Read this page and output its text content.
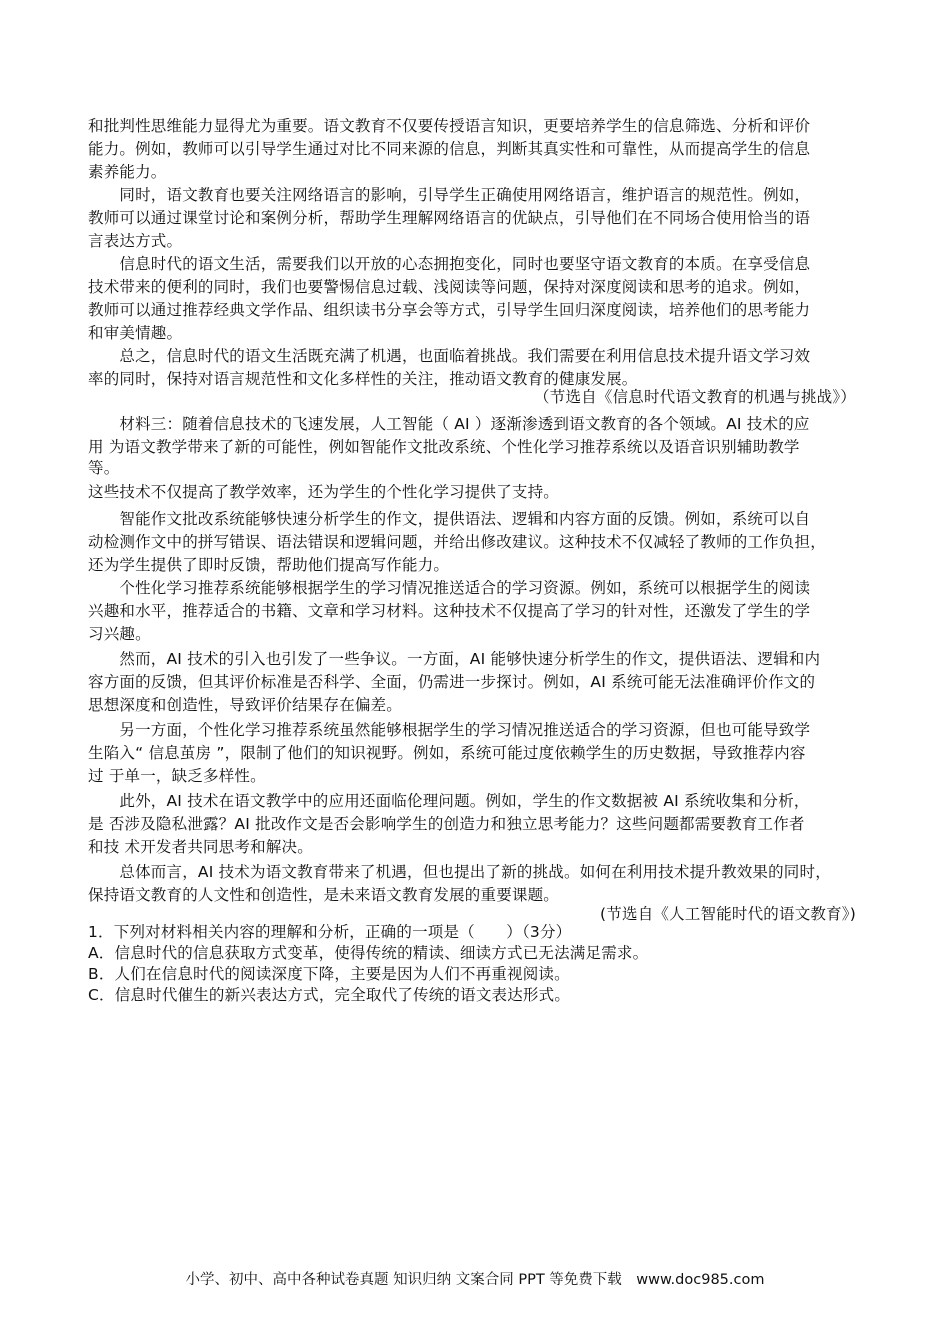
和批判性思维能力显得尤为重要。语文教育不仅要传授语言知识，更要培养学生的信息筛选、分析和评价
能力。例如，教师可以引导学生通过对比不同来源的信息，判断其真实性和可靠性，从而提高学生的信息
素养能力。
　　同时，语文教育也要关注网络语言的影响，引导学生正确使用网络语言，维护语言的规范性。例如，
教师可以通过课堂讨论和案例分析，帮助学生理解网络语言的优缺点，引导他们在不同场合使用恰当的语
言表达方式。
　　信息时代的语文生活，需要我们以开放的心态拥抱变化，同时也要坚守语文教育的本质。在享受信息
技术带来的便利的同时，我们也要警惕信息过载、浅阅读等问题，保持对深度阅读和思考的追求。例如，
教师可以通过推荐经典文学作品、组织读书分享会等方式，引导学生回归深度阅读，培养他们的思考能力
和审美情趣。
　　总之，信息时代的语文生活既充满了机遇，也面临着挑战。我们需要在利用信息技术提升语文学习效
率的同时，保持对语言规范性和文化多样性的关注，推动语文教育的健康发展。
（节选自《信息时代语文教育的机遇与挑战》）
　　材料三：随着信息技术的飞速发展，人工智能（ AI ）逐渐渗透到语文教育的各个领域。AI 技术的应
用 为语文教学带来了新的可能性，例如智能作文批改系统、个性化学习推荐系统以及语音识别辅助教学
等。
这些技术不仅提高了教学效率，还为学生的个性化学习提供了支持。
　　智能作文批改系统能够快速分析学生的作文，提供语法、逻辑和内容方面的反馈。例如，系统可以自
动检测作文中的拼写错误、语法错误和逻辑问题，并给出修改建议。这种技术不仅减轻了教师的工作负担，
还为学生提供了即时反馈，帮助他们提高写作能力。
　　个性化学习推荐系统能够根据学生的学习情况推送适合的学习资源。例如，系统可以根据学生的阅读
兴趣和水平，推荐适合的书籍、文章和学习材料。这种技术不仅提高了学习的针对性，还激发了学生的学
习兴趣。
　　然而，AI 技术的引入也引发了一些争议。一方面，AI 能够快速分析学生的作文，提供语法、逻辑和内
容方面的反馈，但其评价标准是否科学、全面，仍需进一步探讨。例如，AI 系统可能无法准确评价作文的
思想深度和创造性，导致评价结果存在偏差。
　　另一方面，个性化学习推荐系统虽然能够根据学生的学习情况推送适合的学习资源，但也可能导致学
生陷入“ 信息茧房 ”，限制了他们的知识视野。例如，系统可能过度依赖学生的历史数据，导致推荐内容
过 于单一，缺乏多样性。
　　此外，AI 技术在语文教学中的应用还面临伦理问题。例如，学生的作文数据被 AI 系统收集和分析，
是 否涉及隐私泄露？AI 批改作文是否会影响学生的创造力和独立思考能力？这些问题都需要教育工作者
和技 术开发者共同思考和解决。
　　总体而言，AI 技术为语文教育带来了机遇，但也提出了新的挑战。如何在利用技术提升教效果的同时，
保持语文教育的人文性和创造性，是未来语文教育发展的重要课题。
(节选自《人工智能时代的语文教育》)
1．下列对材料相关内容的理解和分析，正确的一项是（　　）（3分）
A．信息时代的信息获取方式变革，使得传统的精读、细读方式已无法满足需求。
B．人们在信息时代的阅读深度下降，主要是因为人们不再重视阅读。
C．信息时代催生的新兴表达方式，完全取代了传统的语文表达形式。
小学、初中、高中各种试卷真题 知识归纳 文案合同 PPT 等免费下载　www.doc985.com
